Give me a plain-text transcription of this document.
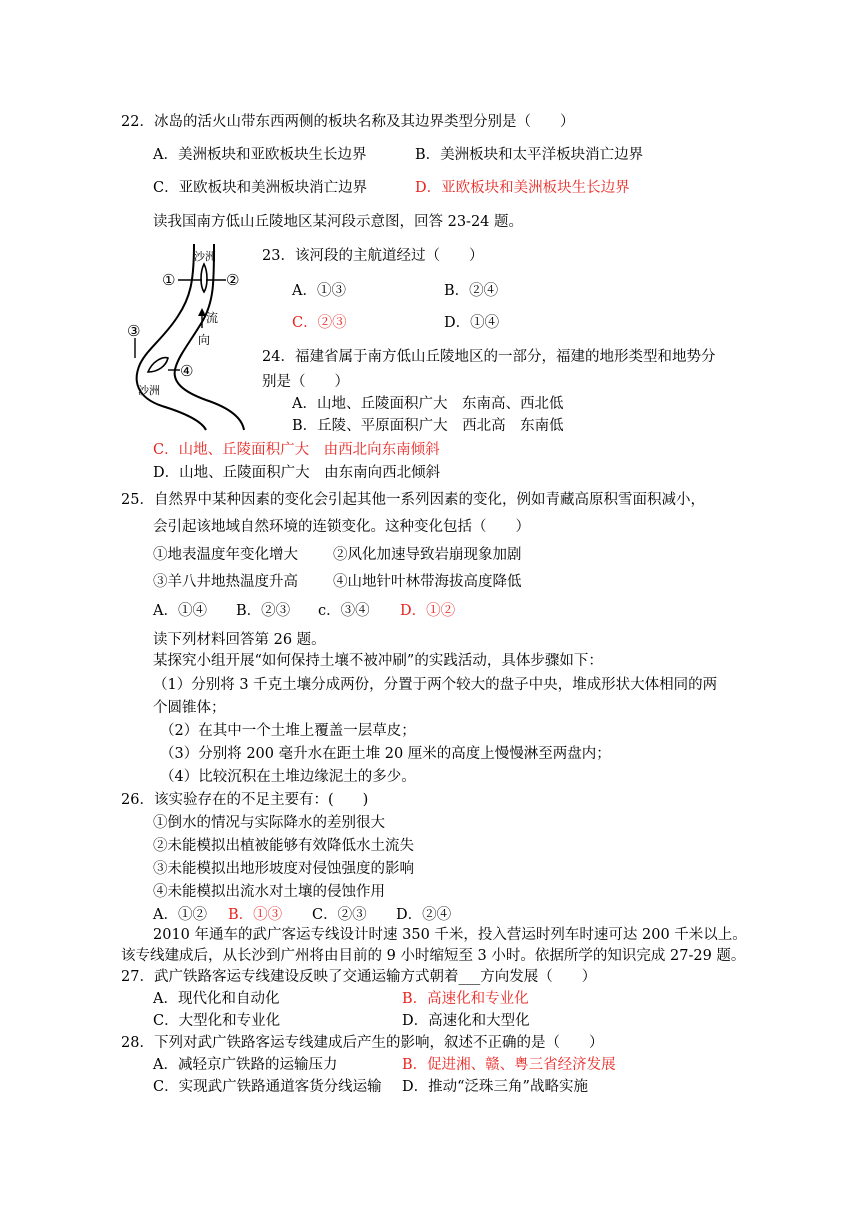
22．冰岛的活火山带东西两侧的板块名称及其边界类型分别是（　　）
A．美洲板块和亚欧板块生长边界	B．美洲板块和太平洋板块消亡边界
C．亚欧板块和美洲板块消亡边界	D．亚欧板块和美洲板块生长边界
读我国南方低山丘陵地区某河段示意图，回答 23-24 题。
沙洲
沙洲
流
向
①	②
③
④
23．该河段的主航道经过（　　）
A．①③	B．②④
C．②③	D．①④
24．福建省属于南方低山丘陵地区的一部分，福建的地形类型和地势分
别是（　　）
A．山地、丘陵面积广大　东南高、西北低
B．丘陵、平原面积广大　西北高　东南低
C．山地、丘陵面积广大　由西北向东南倾斜
D．山地、丘陵面积广大　由东南向西北倾斜
25．自然界中某种因素的变化会引起其他一系列因素的变化，例如青藏高原积雪面积减小，
会引起该地域自然环境的连锁变化。这种变化包括（　　）
①地表温度年变化增大 ②风化加速导致岩崩现象加剧
③羊八井地热温度升高 ④山地针叶林带海拔高度降低
A．①④ B．②③ c．③④ D．①②
读下列材料回答第 26 题。
某探究小组开展“如何保持土壤不被冲刷”的实践活动，具体步骤如下：
（1）分别将 3 千克土壤分成两份，分置于两个较大的盘子中央，堆成形状大体相同的两
个圆锥体；
（2）在其中一个土堆上覆盖一层草皮；
（3）分别将 200 毫升水在距土堆 20 厘米的高度上慢慢淋至两盘内；
（4）比较沉积在土堆边缘泥土的多少。
26．该实验存在的不足主要有：(　　)
①倒水的情况与实际降水的差别很大
②未能模拟出植被能够有效降低水土流失
③未能模拟出地形坡度对侵蚀强度的影响
④未能模拟出流水对土壤的侵蚀作用
A．①② B．①③ C．②③ D．②④
2010 年通车的武广客运专线设计时速 350 千米，投入营运时列车时速可达 200 千米以上。
该专线建成后，从长沙到广州将由目前的 9 小时缩短至 3 小时。依据所学的知识完成 27-29 题。
27．武广铁路客运专线建设反映了交通运输方式朝着___方向发展（　　）
A．现代化和自动化	B．高速化和专业化
C．大型化和专业化	D．高速化和大型化
28．下列对武广铁路客运专线建成后产生的影响，叙述不正确的是（　　）
A．减轻京广铁路的运输压力	B．促进湘、赣、粤三省经济发展
C．实现武广铁路通道客货分线运输 D．推动“泛珠三角”战略实施
